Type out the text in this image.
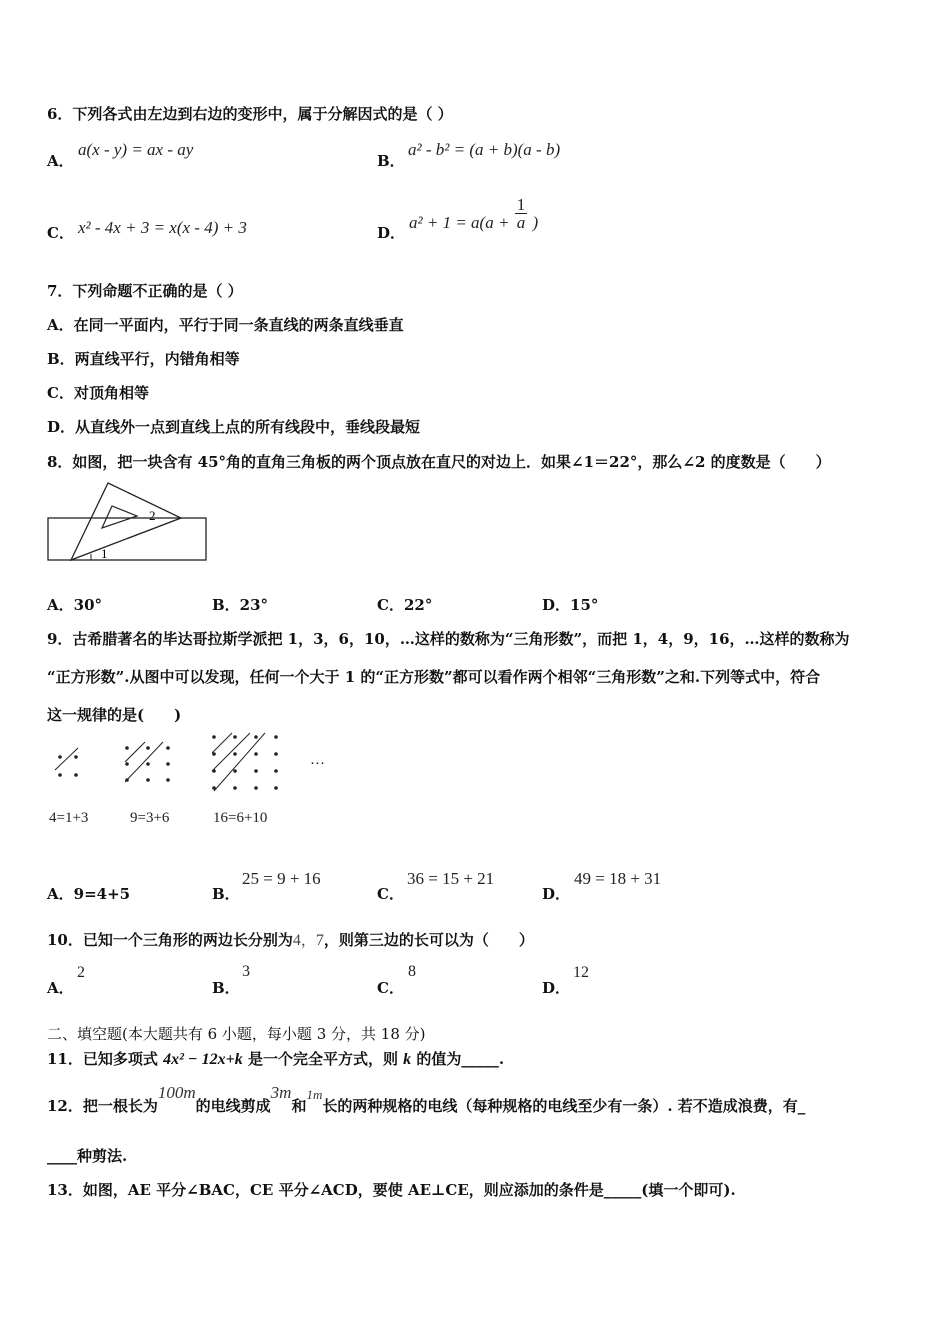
6．下列各式由左边到右边的变形中，属于分解因式的是（ ）
A．
a(x - y) = ax - ay
B．
a² - b² = (a + b)(a - b)
C． x² - 4x + 3 = x(x - 4) + 3	D．
$a^2 + 1 = a(a + \frac{1}{a}$ )
7．下列命题不正确的是（ ）
A．在同一平面内，平行于同一条直线的两条直线垂直
B．两直线平行，内错角相等
C．对顶角相等
D．从直线外一点到直线上点的所有线段中，垂线段最短
8．如图，把一块含有 45°角的直角三角板的两个顶点放在直尺的对边上．如果∠1＝22°，那么∠2 的度数是（　　）
1
2
A．30°	B．23°	C．22°	D．15°
9．古希腊著名的毕达哥拉斯学派把 1，3，6，10，…这样的数称为“三角形数”，而把 1，4，9，16，…这样的数称为
“正方形数”.从图中可以发现，任何一个大于 1 的“正方形数”都可以看作两个相邻“三角形数”之和.下列等式中，符合
这一规律的是(　　)
…
4=1+3	9=3+6	16=6+10
A．9=4+5	B．
25 = 9 + 16
C．
36 = 15 + 21
D．
49 = 18 + 31
10．已知一个三角形的两边长分别为4，7，则第三边的长可以为（　　）
A．
2
B．
3
C．
8
D．
12
二、填空题(本大题共有 6 小题，每小题 3 分，共 18 分)
11．已知多项式 4x² − 12x+k 是一个完全平方式，则 k 的值为_____.
12．把一根长为100m的电线剪成3m和1m长的两种规格的电线（每种规格的电线至少有一条）. 若不造成浪费，有_
____种剪法.
13．如图，AE 平分∠BAC，CE 平分∠ACD，要使 AE⊥CE，则应添加的条件是_____(填一个即可).
